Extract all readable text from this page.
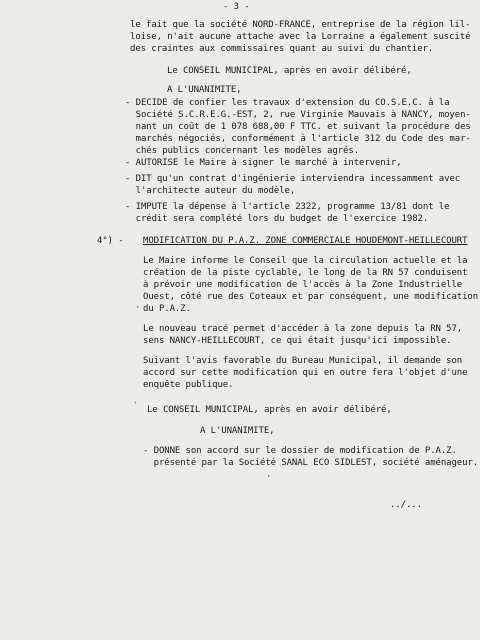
- 3 -
le fait que la société NORD-FRANCE, entreprise de la région lil-
loise, n'ait aucune attache avec la Lorraine a également suscité
des craintes aux commissaires quant au suivi du chantier.
Le CONSEIL MUNICIPAL, après en avoir délibéré,
A L'UNANIMITE,
- DECIDE de confier les travaux d'extension du CO.S.E.C. à la
Société S.C.R.E.G.-EST, 2, rue Virginie Mauvais à NANCY, moyen-
nant un coût de 1 078 688,00 F TTC. et suivant la procédure des
marchés négociés, conformément à l'article 312 du Code des mar-
chés publics concernant les modèles agrés.
- AUTORISE le Maire à signer le marché à intervenir,
- DIT qu'un contrat d'ingénierie interviendra incessamment avec
l'architecte auteur du modèle,
- IMPUTE la dépense à l'article 2322, programme 13/81 dont le
crédit sera complété lors du budget de l'exercice 1982.
4°) - MODIFICATION DU P.A.Z. ZONE COMMERCIALE HOUDEMONT-HEILLECOURT
Le Maire informe le Conseil que la circulation actuelle et la
création de la piste cyclable, le long de la RN 57 conduisent
à prévoir une modification de l'accès à la Zone Industrielle
Ouest, côté rue des Coteaux et par conséquent, une modification
· du P.A.Z.
Le nouveau tracé permet d'accéder à la zone depuis la RN 57,
sens NANCY-HEILLECOURT, ce qui était jusqu'ici impossible.
Suivant l'avis favorable du Bureau Municipal, il demande son
accord sur cette modification qui en outre fera l'objet d'une
enquête publique.
` Le CONSEIL MUNICIPAL, après en avoir délibéré,
A L'UNANIMITE,
- DONNE son accord sur le dossier de modification de P.A.Z.
présenté par la Société SANAL ECO SIDLEST, société aménageur.
·
../...
